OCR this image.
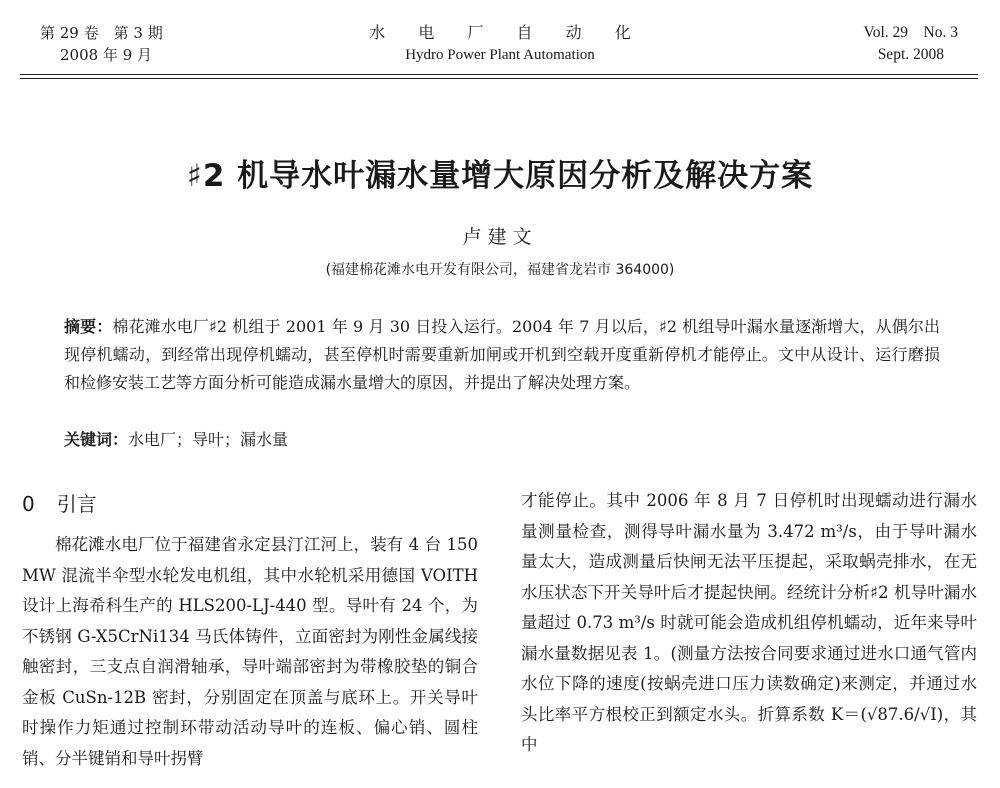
第 29 卷　第 3 期
2008 年 9 月
水 电 厂 自 动 化
Hydro Power Plant Automation
Vol. 29　No. 3
Sept. 2008
♯2 机导水叶漏水量增大原因分析及解决方案
卢建文
(福建棉花滩水电开发有限公司，福建省龙岩市 364000)
摘要：棉花滩水电厂♯2 机组于 2001 年 9 月 30 日投入运行。2004 年 7 月以后，♯2 机组导叶漏水量逐渐增大，从偶尔出现停机蠕动，到经常出现停机蠕动，甚至停机时需要重新加闸或开机到空载开度重新停机才能停止。文中从设计、运行磨损和检修安装工艺等方面分析可能造成漏水量增大的原因，并提出了解决处理方案。
关键词：水电厂；导叶；漏水量
0 引言

棉花滩水电厂位于福建省永定县汀江河上，装有 4 台 150 MW 混流半伞型水轮发电机组，其中水轮机采用德国 VOITH 设计上海希科生产的 HLS200-LJ-440 型。导叶有 24 个，为不锈钢 G-X5CrNi134 马氏体铸件，立面密封为刚性金属线接触密封，三支点自润滑轴承，导叶端部密封为带橡胶垫的铜合金板 CuSn-12B 密封，分别固定在顶盖与底环上。开关导叶时操作力矩通过控制环带动活动导叶的连板、偏心销、圆柱销、分半键销和导叶拐臂

才能停止。其中 2006 年 8 月 7 日停机时出现蠕动进行漏水量测量检查，测得导叶漏水量为 3.472 m³/s，由于导叶漏水量太大，造成测量后快闸无法平压提起，采取蜗壳排水，在无水压状态下开关导叶后才提起快闸。经统计分析♯2 机导叶漏水量超过 0.73 m³/s 时就可能会造成机组停机蠕动，近年来导叶漏水量数据见表 1。(测量方法按合同要求通过进水口通气管内水位下降的速度(按蜗壳进口压力读数确定)来测定，并通过水头比率平方根校正到额定水头。折算系数 K＝(√87.6/√I)，其中
